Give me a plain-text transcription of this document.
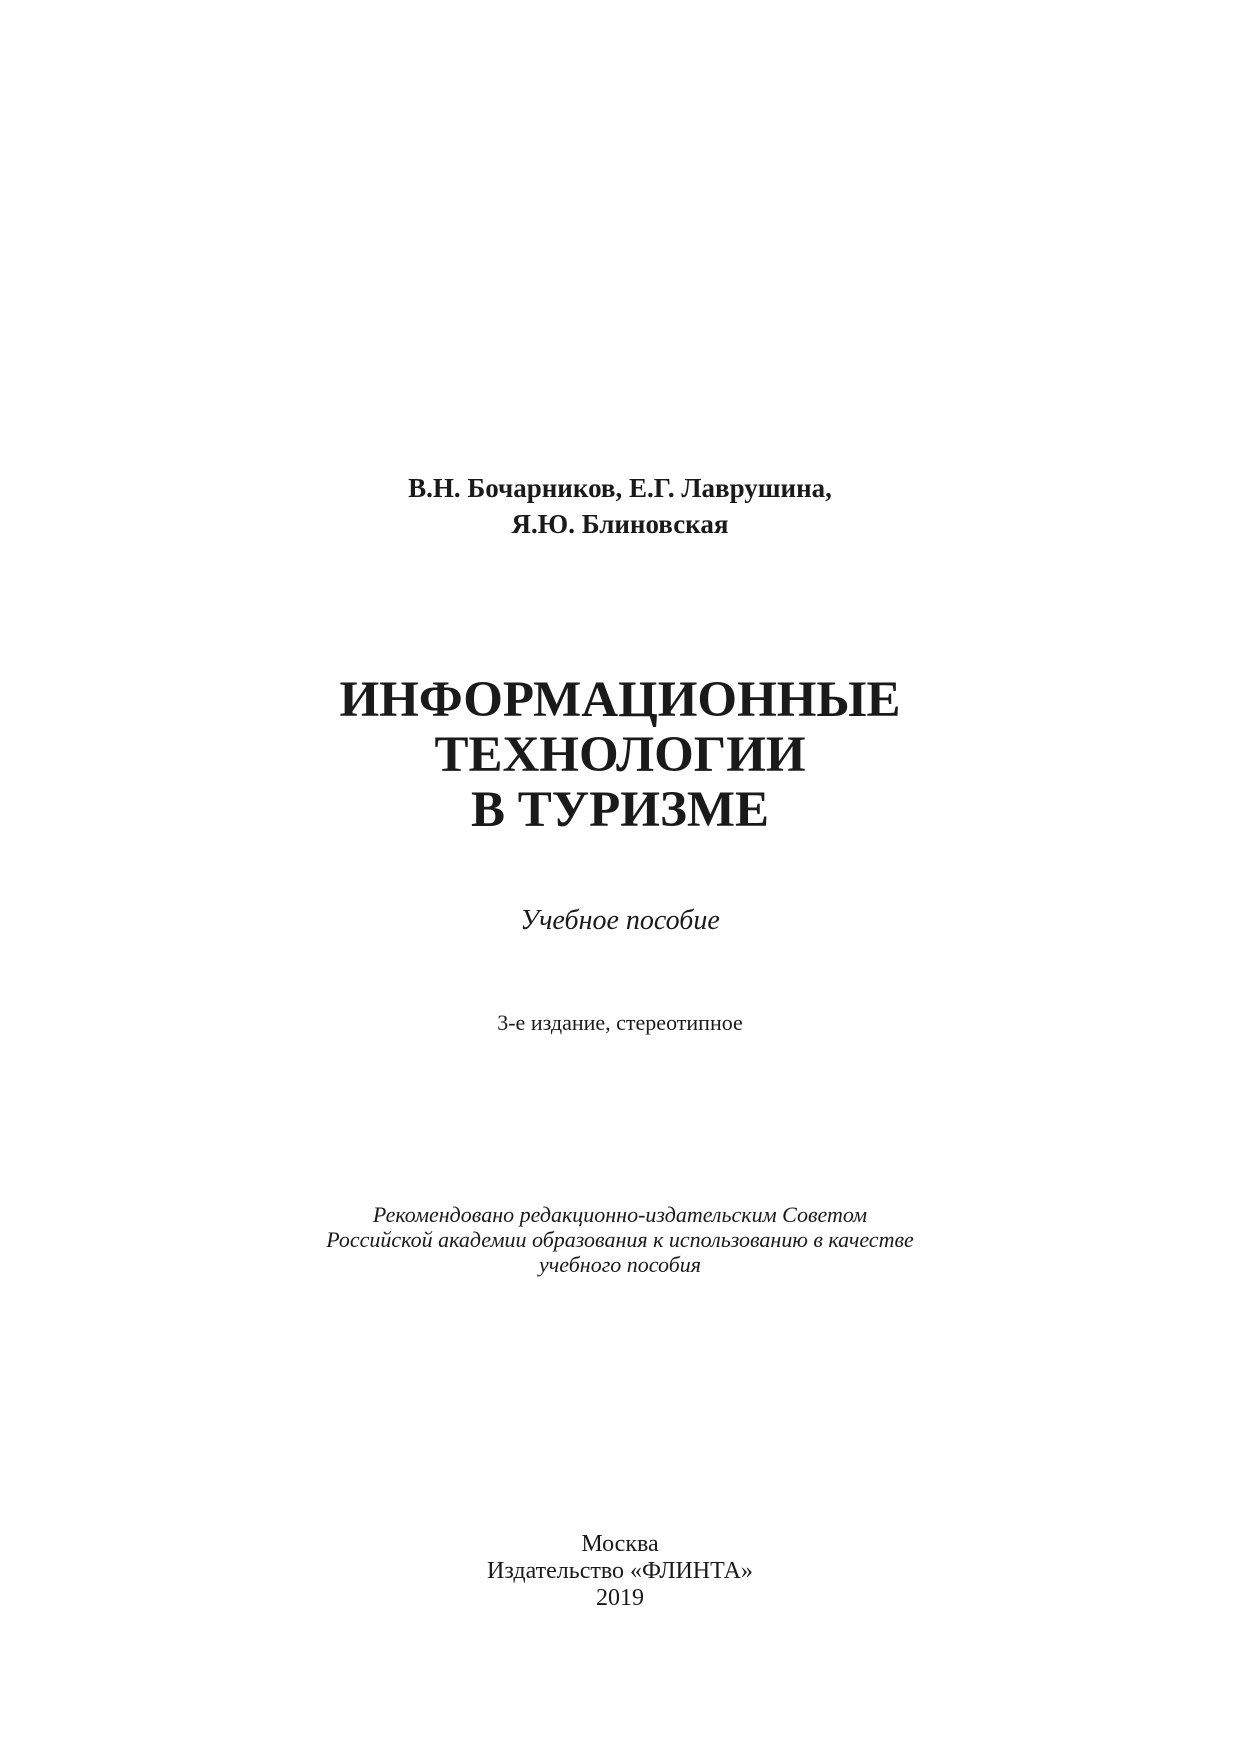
В.Н. Бочарников, Е.Г. Лаврушина,
Я.Ю. Блиновская
ИНФОРМАЦИОННЫЕ
ТЕХНОЛОГИИ
В ТУРИЗМЕ
Учебное пособие
3-е издание, стереотипное
Рекомендовано редакционно-издательским Советом
Российской академии образования к использованию в качестве
учебного пособия
Москва
Издательство «ФЛИНТА»
2019
